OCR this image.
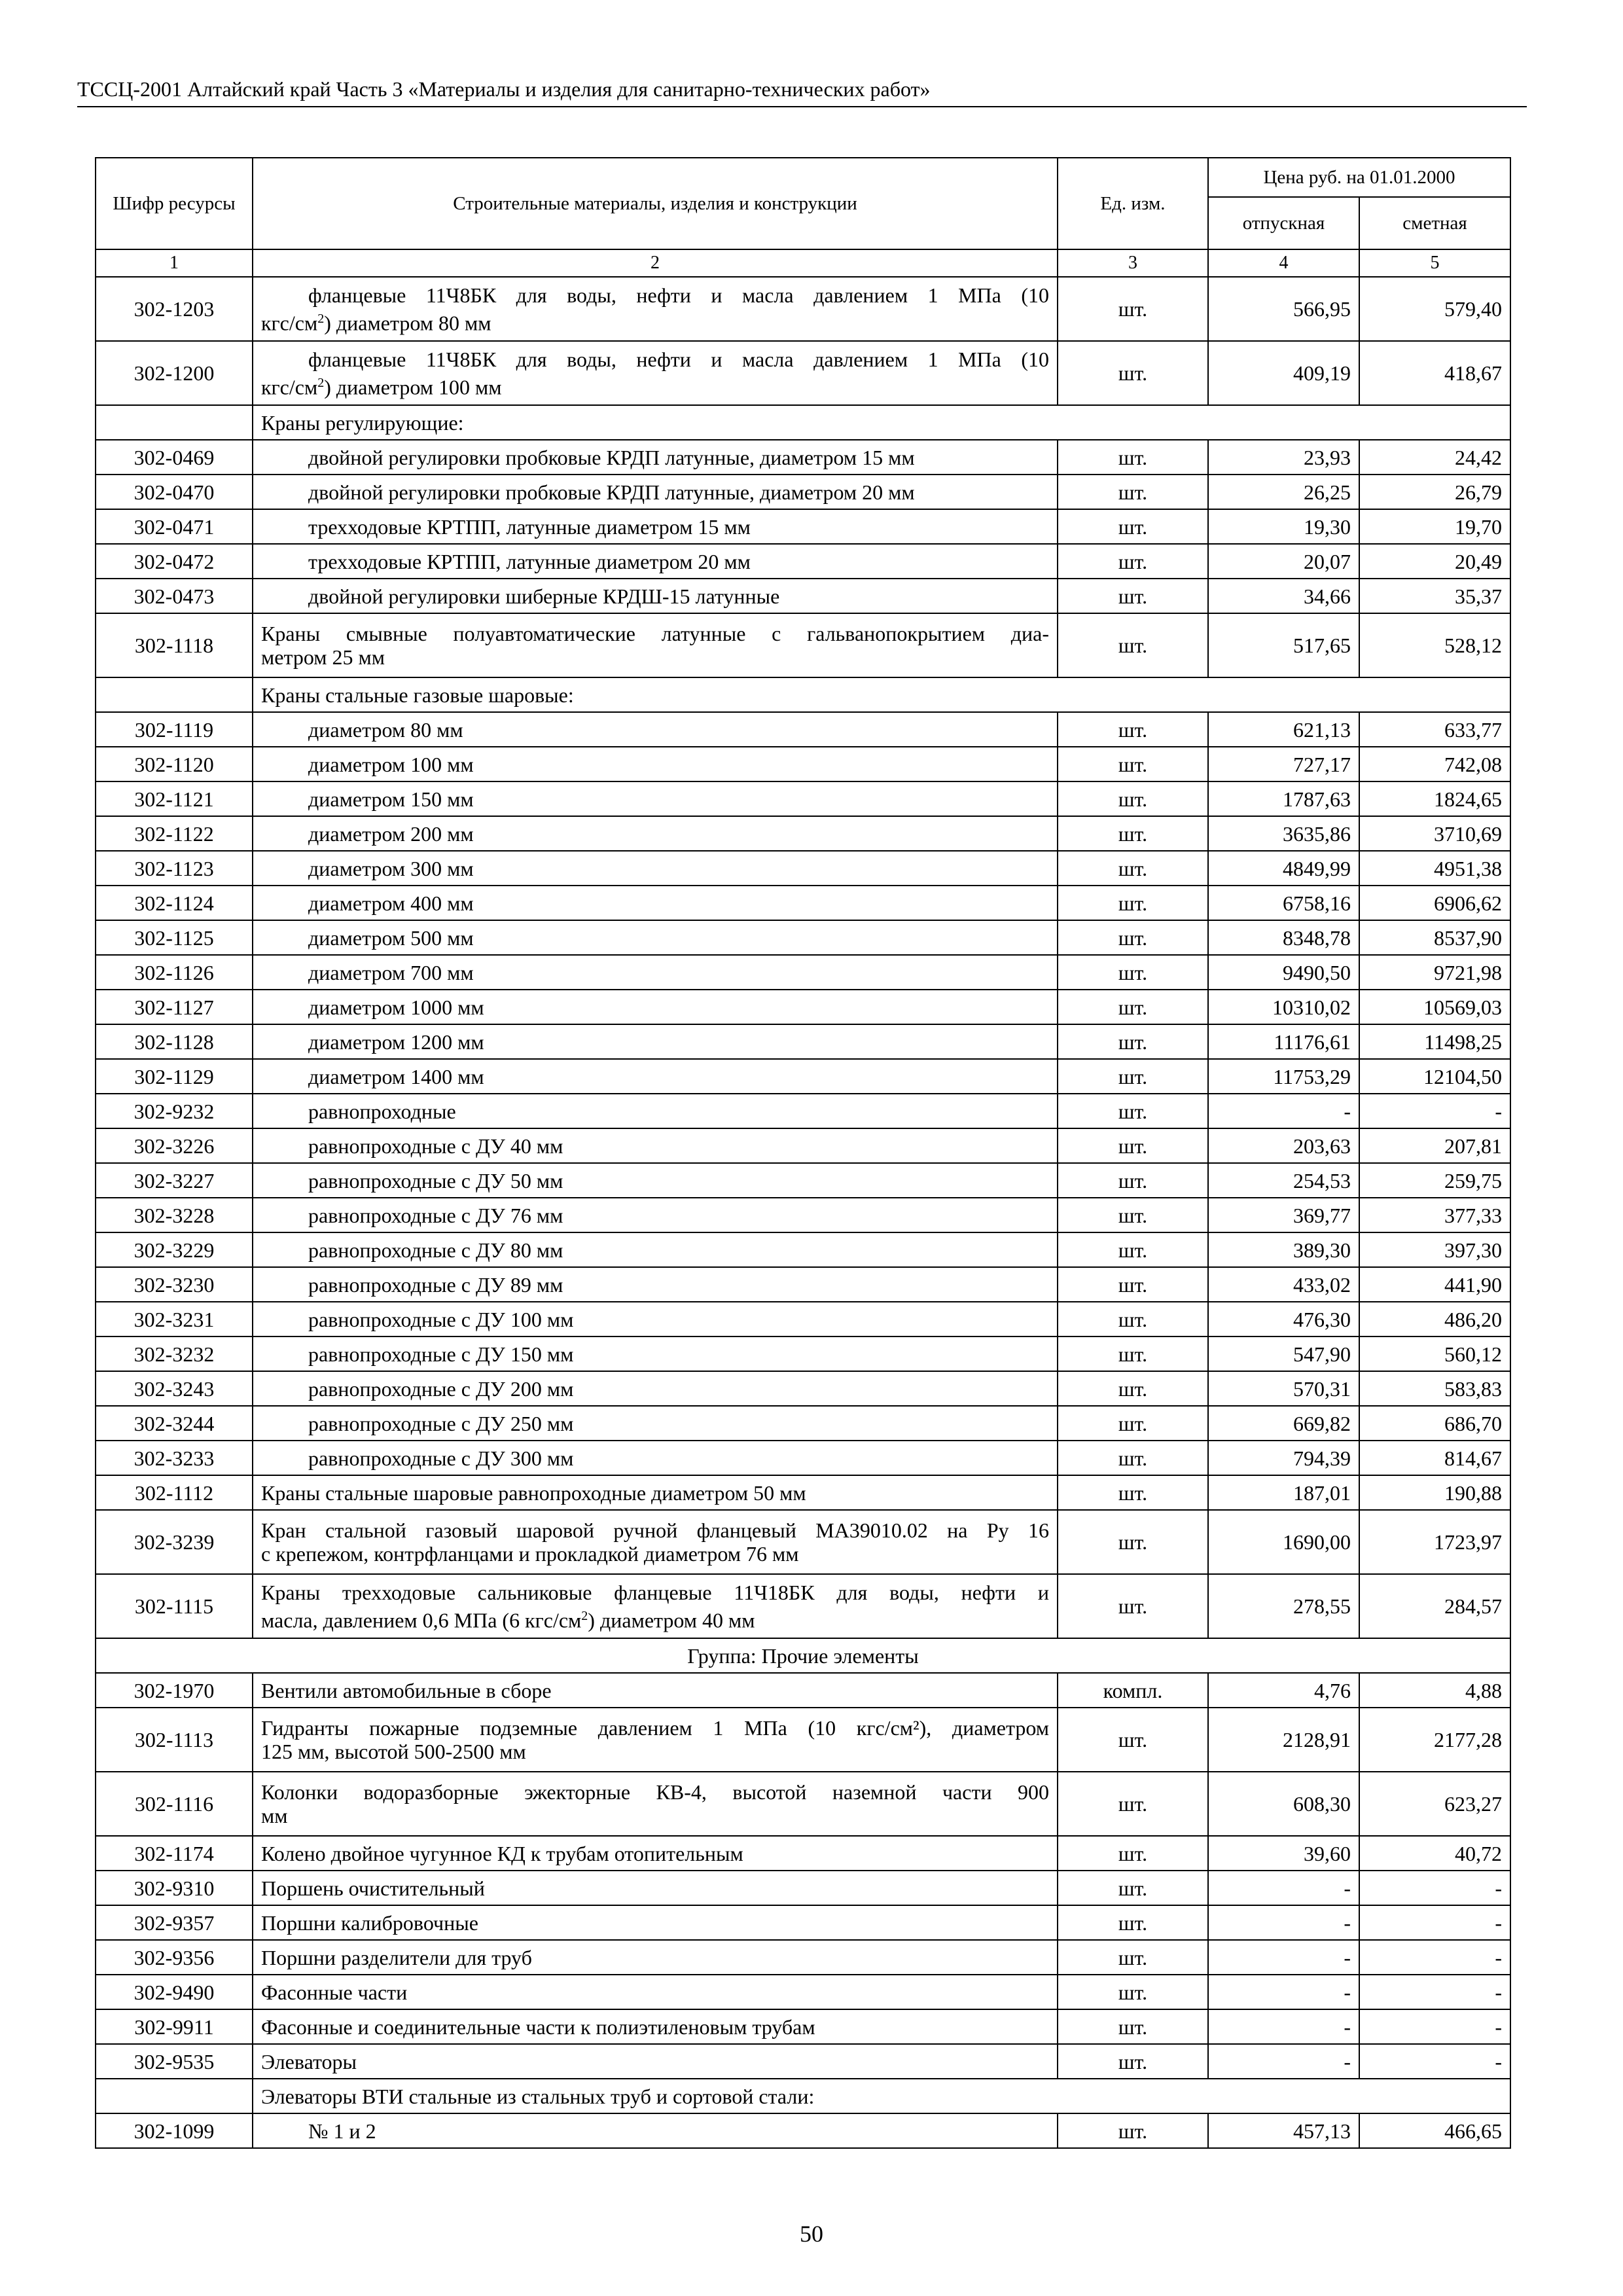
ТССЦ-2001 Алтайский край Часть 3 «Материалы и изделия для санитарно-технических работ»
Шифр ресурсы	Строительные материалы, изделия и конструкции	Ед. изм.	Цена руб. на 01.01.2000	
			отпускная	сметная
1	2	3	4	5
302-1203	фланцевые 11Ч8БК для воды, нефти и масла давлением 1 МПа (10
кгс/$см^2$) диаметром 80 мм	шт.	566,95	579,40
302-1200	фланцевые 11Ч8БК для воды, нефти и масла давлением 1 МПа (10
кгс/$см^2$) диаметром 100 мм	шт.	409,19	418,67
	Краны регулирующие:			
302-0469	двойной регулировки пробковые КРДП латунные, диаметром 15 мм	шт.	23,93	24,42
302-0470	двойной регулировки пробковые КРДП латунные, диаметром 20 мм	шт.	26,25	26,79
302-0471	трехходовые КРТПП, латунные диаметром 15 мм	шт.	19,30	19,70
302-0472	трехходовые КРТПП, латунные диаметром 20 мм	шт.	20,07	20,49
302-0473	двойной регулировки шиберные КРДШ-15 латунные	шт.	34,66	35,37
302-1118	Краны смывные полуавтоматические латунные с гальванопокрытием диа-
метром 25 мм	шт.	517,65	528,12
	Краны стальные газовые шаровые:			
302-1119	диаметром 80 мм	шт.	621,13	633,77
302-1120	диаметром 100 мм	шт.	727,17	742,08
302-1121	диаметром 150 мм	шт.	1787,63	1824,65
302-1122	диаметром 200 мм	шт.	3635,86	3710,69
302-1123	диаметром 300 мм	шт.	4849,99	4951,38
302-1124	диаметром 400 мм	шт.	6758,16	6906,62
302-1125	диаметром 500 мм	шт.	8348,78	8537,90
302-1126	диаметром 700 мм	шт.	9490,50	9721,98
302-1127	диаметром 1000 мм	шт.	10310,02	10569,03
302-1128	диаметром 1200 мм	шт.	11176,61	11498,25
302-1129	диаметром 1400 мм	шт.	11753,29	12104,50
302-9232	равнопроходные	шт.	-	-
302-3226	равнопроходные с ДУ 40 мм	шт.	203,63	207,81
302-3227	равнопроходные с ДУ 50 мм	шт.	254,53	259,75
302-3228	равнопроходные с ДУ 76 мм	шт.	369,77	377,33
302-3229	равнопроходные с ДУ 80 мм	шт.	389,30	397,30
302-3230	равнопроходные с ДУ 89 мм	шт.	433,02	441,90
302-3231	равнопроходные с ДУ 100 мм	шт.	476,30	486,20
302-3232	равнопроходные с ДУ 150 мм	шт.	547,90	560,12
302-3243	равнопроходные с ДУ 200 мм	шт.	570,31	583,83
302-3244	равнопроходные с ДУ 250 мм	шт.	669,82	686,70
302-3233	равнопроходные с ДУ 300 мм	шт.	794,39	814,67
302-1112	Краны стальные шаровые равнопроходные диаметром 50 мм	шт.	187,01	190,88
302-3239	Кран стальной газовый шаровой ручной фланцевый МА39010.02 на Ру 16
с крепежом, контрфланцами и прокладкой диаметром 76 мм	шт.	1690,00	1723,97
302-1115	Краны трехходовые сальниковые фланцевые 11Ч18БК для воды, нефти и
масла, давлением 0,6 МПа (6 кгс/$см^2$) диаметром 40 мм	шт.	278,55	284,57
Группа: Прочие элементы				
302-1970	Вентили автомобильные в сборе	компл.	4,76	4,88
302-1113	Гидранты пожарные подземные давлением 1 МПа (10 кгс/см²), диаметром
125 мм, высотой 500-2500 мм	шт.	2128,91	2177,28
302-1116	Колонки водоразборные эжекторные КВ-4, высотой наземной части 900
мм	шт.	608,30	623,27
302-1174	Колено двойное чугунное КД к трубам отопительным	шт.	39,60	40,72
302-9310	Поршень очистительный	шт.	-	-
302-9357	Поршни калибровочные	шт.	-	-
302-9356	Поршни разделители для труб	шт.	-	-
302-9490	Фасонные части	шт.	-	-
302-9911	Фасонные и соединительные части к полиэтиленовым трубам	шт.	-	-
302-9535	Элеваторы	шт.	-	-
	Элеваторы ВТИ стальные из стальных труб и сортовой стали:			
302-1099	№ 1 и 2	шт.	457,13	466,65
50
